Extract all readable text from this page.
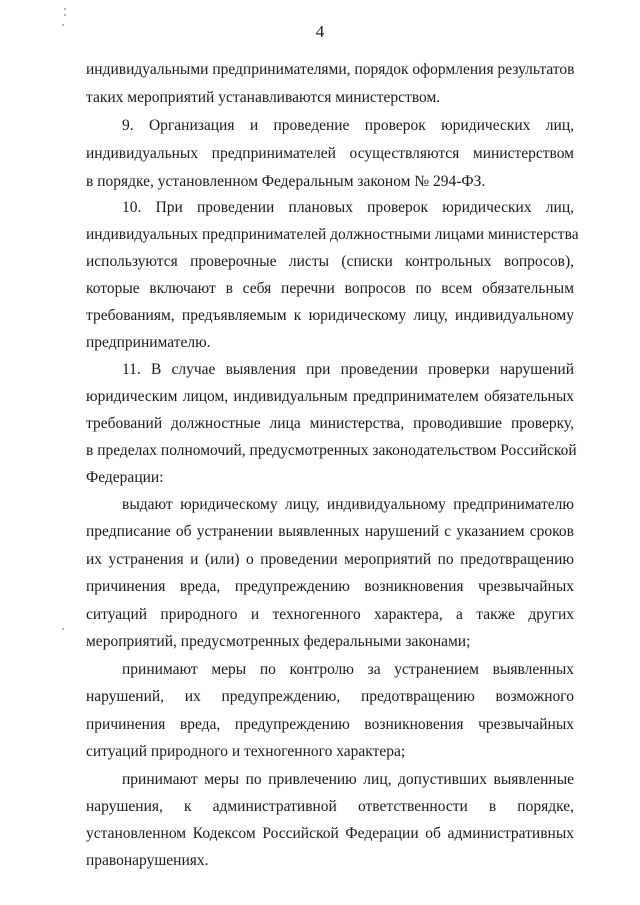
4
индивидуальными предпринимателями, порядок оформления результатов
таких мероприятий устанавливаются министерством.
9. Организация и проведение проверок юридических лиц,
индивидуальных предпринимателей осуществляются министерством
в порядке, установленном Федеральным законом № 294-ФЗ.
10. При проведении плановых проверок юридических лиц,
индивидуальных предпринимателей должностными лицами министерства
используются проверочные листы (списки контрольных вопросов),
которые включают в себя перечни вопросов по всем обязательным
требованиям, предъявляемым к юридическому лицу, индивидуальному
предпринимателю.
11. В случае выявления при проведении проверки нарушений
юридическим лицом, индивидуальным предпринимателем обязательных
требований должностные лица министерства, проводившие проверку,
в пределах полномочий, предусмотренных законодательством Российской
Федерации:
выдают юридическому лицу, индивидуальному предпринимателю
предписание об устранении выявленных нарушений с указанием сроков
их устранения и (или) о проведении мероприятий по предотвращению
причинения вреда, предупреждению возникновения чрезвычайных
ситуаций природного и техногенного характера, а также других
мероприятий, предусмотренных федеральными законами;
принимают меры по контролю за устранением выявленных
нарушений, их предупреждению, предотвращению возможного
причинения вреда, предупреждению возникновения чрезвычайных
ситуаций природного и техногенного характера;
принимают меры по привлечению лиц, допустивших выявленные
нарушения, к административной ответственности в порядке,
установленном Кодексом Российской Федерации об административных
правонарушениях.
